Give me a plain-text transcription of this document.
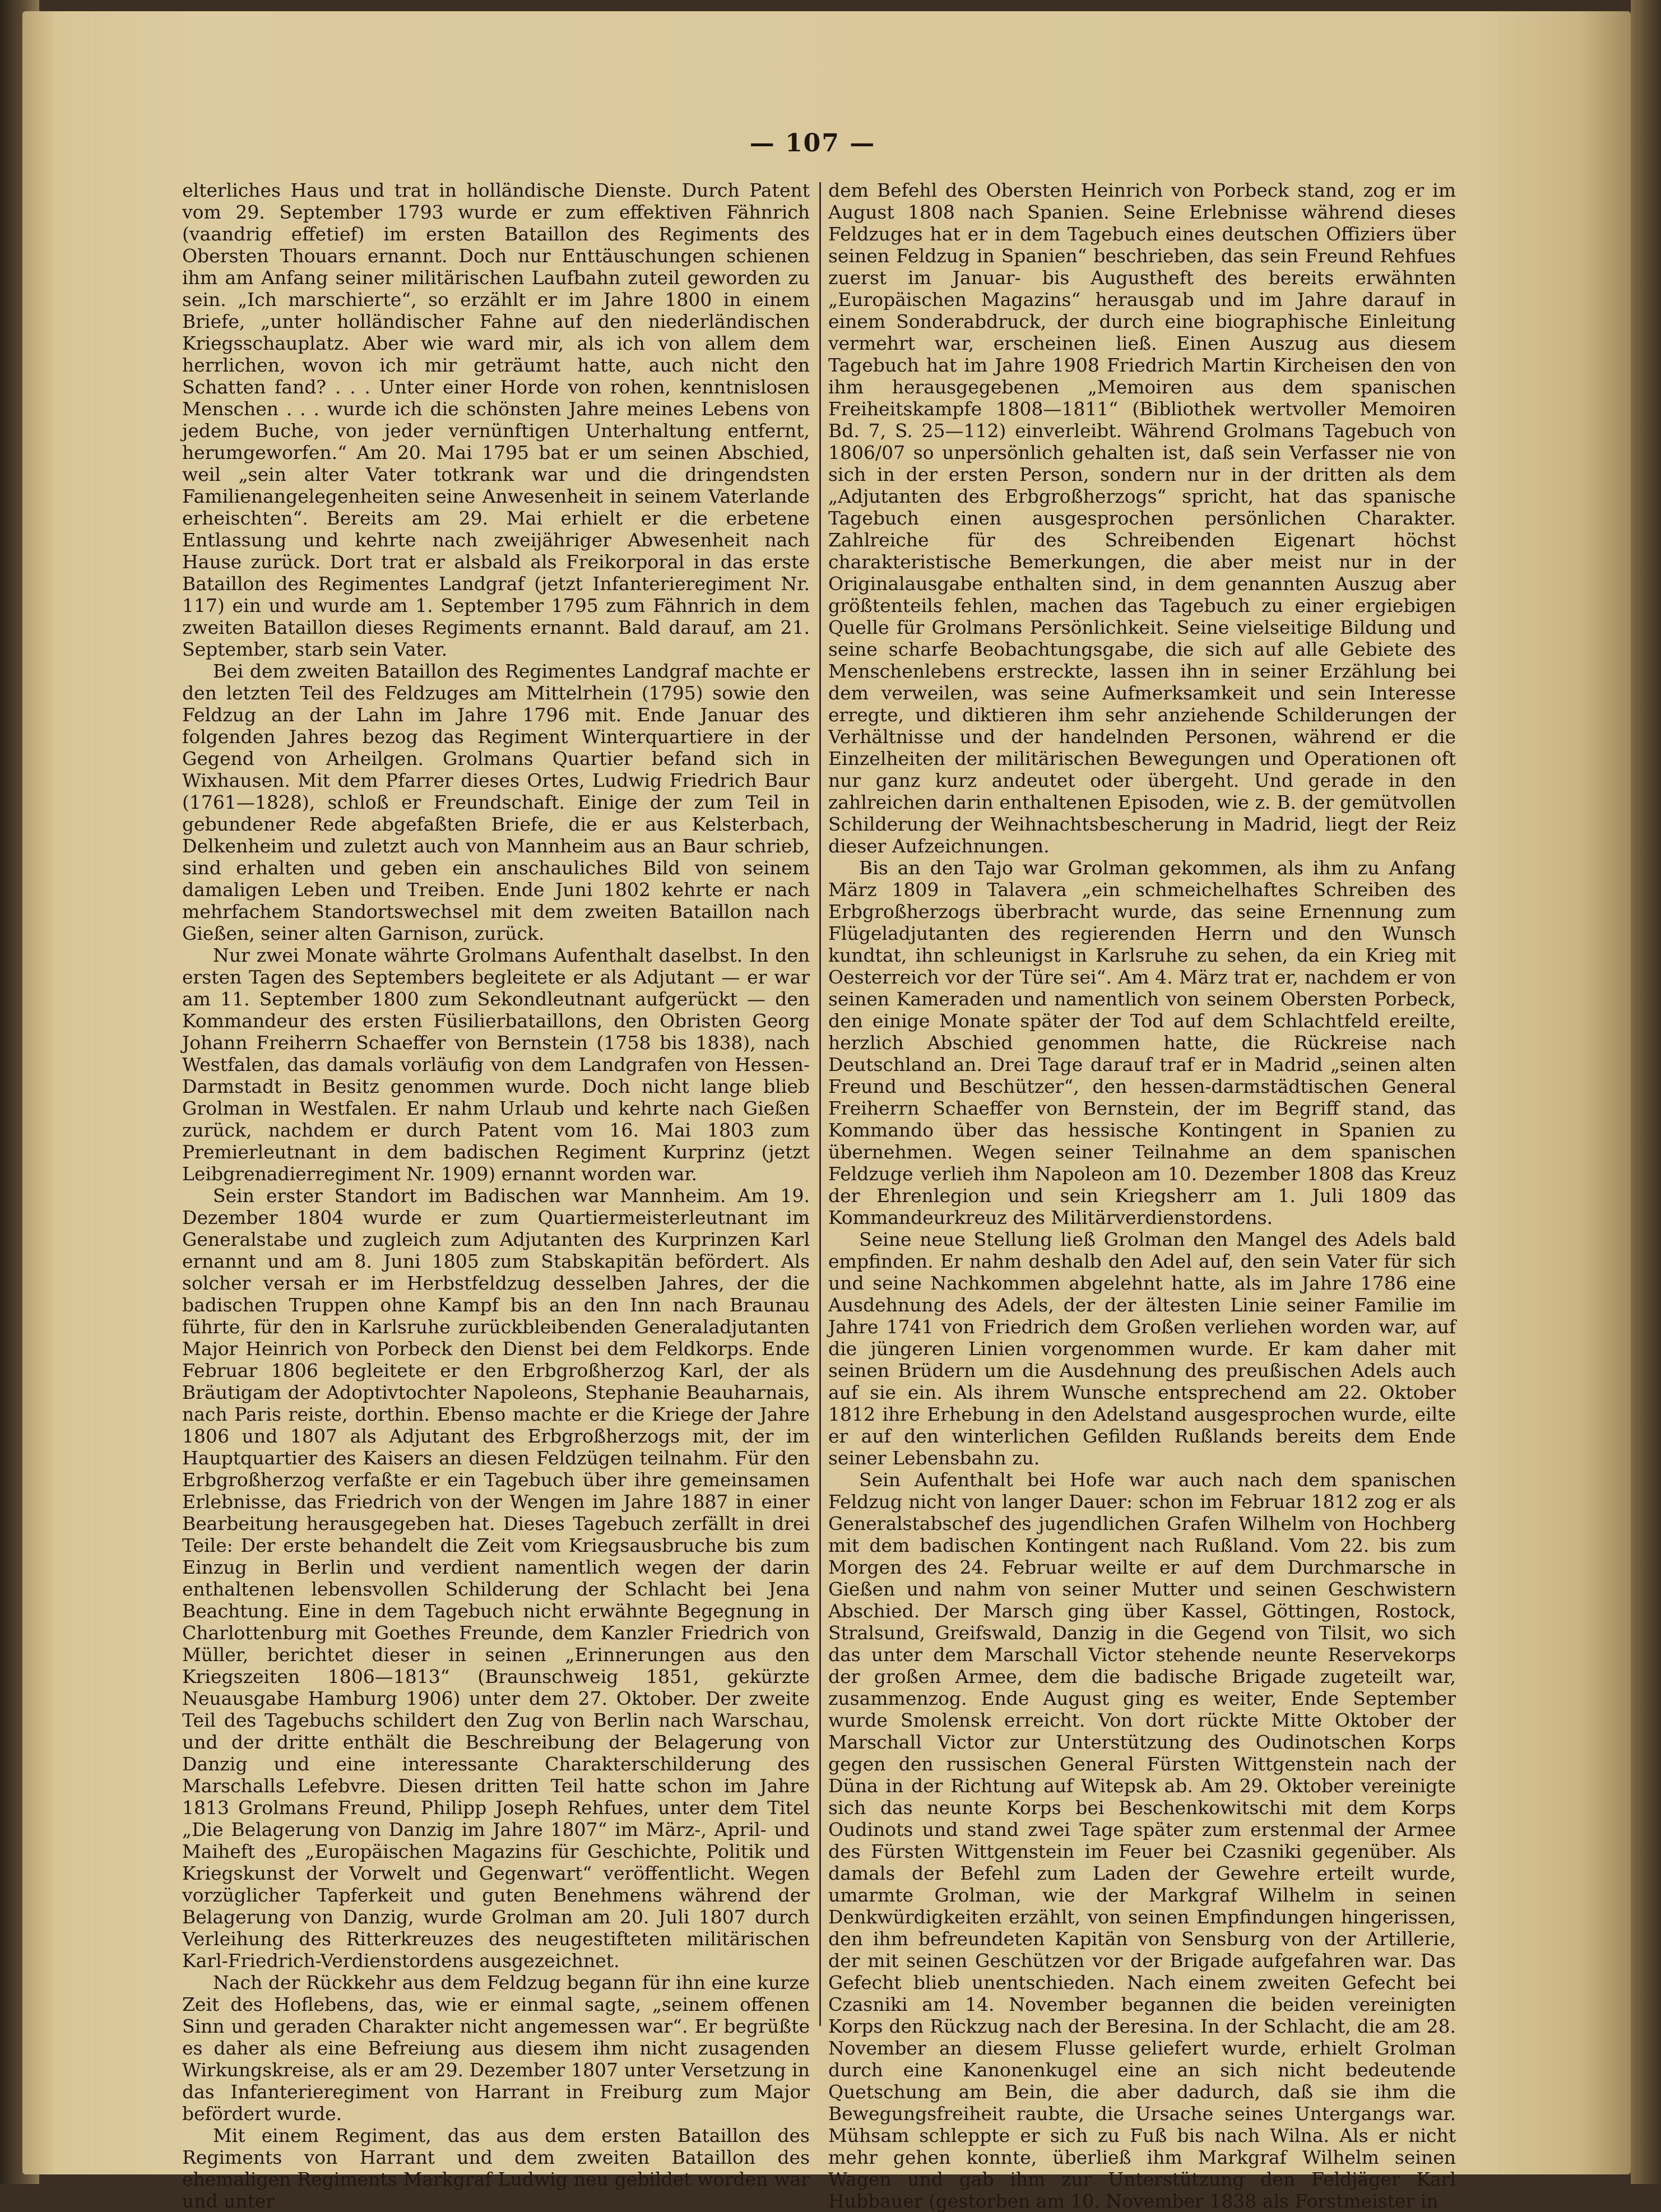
— 107 —

elterliches Haus und trat in holländische Dienste. Durch Patent vom 29. September 1793 wurde er zum effektiven Fähnrich (vaandrig effetief) im ersten Bataillon des Regiments des Obersten Thouars ernannt. Doch nur Enttäuschungen schienen ihm am Anfang seiner militärischen Laufbahn zuteil geworden zu sein. „Ich marschierte“, so erzählt er im Jahre 1800 in einem Briefe, „unter holländischer Fahne auf den niederländischen Kriegsschauplatz. Aber wie ward mir, als ich von allem dem herrlichen, wovon ich mir geträumt hatte, auch nicht den Schatten fand? . . . Unter einer Horde von rohen, kenntnislosen Menschen . . . wurde ich die schönsten Jahre meines Lebens von jedem Buche, von jeder vernünftigen Unterhaltung entfernt, herumgeworfen.“ Am 20. Mai 1795 bat er um seinen Abschied, weil „sein alter Vater totkrank war und die dringendsten Familienangelegenheiten seine Anwesenheit in seinem Vaterlande erheischten“. Bereits am 29. Mai erhielt er die erbetene Entlassung und kehrte nach zweijähriger Abwesenheit nach Hause zurück. Dort trat er alsbald als Freikorporal in das erste Bataillon des Regimentes Landgraf (jetzt Infanterieregiment Nr. 117) ein und wurde am 1. September 1795 zum Fähnrich in dem zweiten Bataillon dieses Regiments ernannt. Bald darauf, am 21. September, starb sein Vater.

Bei dem zweiten Bataillon des Regimentes Landgraf machte er den letzten Teil des Feldzuges am Mittelrhein (1795) sowie den Feldzug an der Lahn im Jahre 1796 mit. Ende Januar des folgenden Jahres bezog das Regiment Winterquartiere in der Gegend von Arheilgen. Grolmans Quartier befand sich in Wixhausen. Mit dem Pfarrer dieses Ortes, Ludwig Friedrich Baur (1761—1828), schloß er Freundschaft. Einige der zum Teil in gebundener Rede abgefaßten Briefe, die er aus Kelsterbach, Delkenheim und zuletzt auch von Mannheim aus an Baur schrieb, sind erhalten und geben ein anschauliches Bild von seinem damaligen Leben und Treiben. Ende Juni 1802 kehrte er nach mehrfachem Standortswechsel mit dem zweiten Bataillon nach Gießen, seiner alten Garnison, zurück.

Nur zwei Monate währte Grolmans Aufenthalt daselbst. In den ersten Tagen des Septembers begleitete er als Adjutant — er war am 11. September 1800 zum Sekondleutnant aufgerückt — den Kommandeur des ersten Füsilierbataillons, den Obristen Georg Johann Freiherrn Schaeffer von Bernstein (1758 bis 1838), nach Westfalen, das damals vorläufig von dem Landgrafen von Hessen-Darmstadt in Besitz genommen wurde. Doch nicht lange blieb Grolman in Westfalen. Er nahm Urlaub und kehrte nach Gießen zurück, nachdem er durch Patent vom 16. Mai 1803 zum Premierleutnant in dem badischen Regiment Kurprinz (jetzt Leibgrenadierregiment Nr. 1909) ernannt worden war.

Sein erster Standort im Badischen war Mannheim. Am 19. Dezember 1804 wurde er zum Quartiermeisterleutnant im Generalstabe und zugleich zum Adjutanten des Kurprinzen Karl ernannt und am 8. Juni 1805 zum Stabskapitän befördert. Als solcher versah er im Herbstfeldzug desselben Jahres, der die badischen Truppen ohne Kampf bis an den Inn nach Braunau führte, für den in Karlsruhe zurückbleibenden Generaladjutanten Major Heinrich von Porbeck den Dienst bei dem Feldkorps. Ende Februar 1806 begleitete er den Erbgroßherzog Karl, der als Bräutigam der Adoptivtochter Napoleons, Stephanie Beauharnais, nach Paris reiste, dorthin. Ebenso machte er die Kriege der Jahre 1806 und 1807 als Adjutant des Erbgroßherzogs mit, der im Hauptquartier des Kaisers an diesen Feldzügen teilnahm. Für den Erbgroßherzog verfaßte er ein Tagebuch über ihre gemeinsamen Erlebnisse, das Friedrich von der Wengen im Jahre 1887 in einer Bearbeitung herausgegeben hat. Dieses Tagebuch zerfällt in drei Teile: Der erste behandelt die Zeit vom Kriegsausbruche bis zum Einzug in Berlin und verdient namentlich wegen der darin enthaltenen lebensvollen Schilderung der Schlacht bei Jena Beachtung. Eine in dem Tagebuch nicht erwähnte Begegnung in Charlottenburg mit Goethes Freunde, dem Kanzler Friedrich von Müller, berichtet dieser in seinen „Erinnerungen aus den Kriegszeiten 1806—1813“ (Braunschweig 1851, gekürzte Neuausgabe Hamburg 1906) unter dem 27. Oktober. Der zweite Teil des Tagebuchs schildert den Zug von Berlin nach Warschau, und der dritte enthält die Beschreibung der Belagerung von Danzig und eine interessante Charakterschilderung des Marschalls Lefebvre. Diesen dritten Teil hatte schon im Jahre 1813 Grolmans Freund, Philipp Joseph Rehfues, unter dem Titel „Die Belagerung von Danzig im Jahre 1807“ im März-, April- und Maiheft des „Europäischen Magazins für Geschichte, Politik und Kriegskunst der Vorwelt und Gegenwart“ veröffentlicht. Wegen vorzüglicher Tapferkeit und guten Benehmens während der Belagerung von Danzig, wurde Grolman am 20. Juli 1807 durch Verleihung des Ritterkreuzes des neugestifteten militärischen Karl-Friedrich-Verdienstordens ausgezeichnet.

Nach der Rückkehr aus dem Feldzug begann für ihn eine kurze Zeit des Hoflebens, das, wie er einmal sagte, „seinem offenen Sinn und geraden Charakter nicht angemessen war“. Er begrüßte es daher als eine Befreiung aus diesem ihm nicht zusagenden Wirkungskreise, als er am 29. Dezember 1807 unter Versetzung in das Infanterieregiment von Harrant in Freiburg zum Major befördert wurde.

Mit einem Regiment, das aus dem ersten Bataillon des Regiments von Harrant und dem zweiten Bataillon des ehemaligen Regiments Markgraf Ludwig neu gebildet worden war und unter

dem Befehl des Obersten Heinrich von Porbeck stand, zog er im August 1808 nach Spanien. Seine Erlebnisse während dieses Feldzuges hat er in dem Tagebuch eines deutschen Offiziers über seinen Feldzug in Spanien“ beschrieben, das sein Freund Rehfues zuerst im Januar- bis Augustheft des bereits erwähnten „Europäischen Magazins“ herausgab und im Jahre darauf in einem Sonderabdruck, der durch eine biographische Einleitung vermehrt war, erscheinen ließ. Einen Auszug aus diesem Tagebuch hat im Jahre 1908 Friedrich Martin Kircheisen den von ihm herausgegebenen „Memoiren aus dem spanischen Freiheitskampfe 1808—1811“ (Bibliothek wertvoller Memoiren Bd. 7, S. 25—112) einverleibt. Während Grolmans Tagebuch von 1806/07 so unpersönlich gehalten ist, daß sein Verfasser nie von sich in der ersten Person, sondern nur in der dritten als dem „Adjutanten des Erbgroßherzogs“ spricht, hat das spanische Tagebuch einen ausgesprochen persönlichen Charakter. Zahlreiche für des Schreibenden Eigenart höchst charakteristische Bemerkungen, die aber meist nur in der Originalausgabe enthalten sind, in dem genannten Auszug aber größtenteils fehlen, machen das Tagebuch zu einer ergiebigen Quelle für Grolmans Persönlichkeit. Seine vielseitige Bildung und seine scharfe Beobachtungsgabe, die sich auf alle Gebiete des Menschenlebens erstreckte, lassen ihn in seiner Erzählung bei dem verweilen, was seine Aufmerksamkeit und sein Interesse erregte, und diktieren ihm sehr anziehende Schilderungen der Verhältnisse und der handelnden Personen, während er die Einzelheiten der militärischen Bewegungen und Operationen oft nur ganz kurz andeutet oder übergeht. Und gerade in den zahlreichen darin enthaltenen Episoden, wie z. B. der gemütvollen Schilderung der Weihnachtsbescherung in Madrid, liegt der Reiz dieser Aufzeichnungen.

Bis an den Tajo war Grolman gekommen, als ihm zu Anfang März 1809 in Talavera „ein schmeichelhaftes Schreiben des Erbgroßherzogs überbracht wurde, das seine Ernennung zum Flügeladjutanten des regierenden Herrn und den Wunsch kundtat, ihn schleunigst in Karlsruhe zu sehen, da ein Krieg mit Oesterreich vor der Türe sei“. Am 4. März trat er, nachdem er von seinen Kameraden und namentlich von seinem Obersten Porbeck, den einige Monate später der Tod auf dem Schlachtfeld ereilte, herzlich Abschied genommen hatte, die Rückreise nach Deutschland an. Drei Tage darauf traf er in Madrid „seinen alten Freund und Beschützer“, den hessen-darmstädtischen General Freiherrn Schaeffer von Bernstein, der im Begriff stand, das Kommando über das hessische Kontingent in Spanien zu übernehmen. Wegen seiner Teilnahme an dem spanischen Feldzuge verlieh ihm Napoleon am 10. Dezember 1808 das Kreuz der Ehrenlegion und sein Kriegsherr am 1. Juli 1809 das Kommandeurkreuz des Militärverdienstordens.

Seine neue Stellung ließ Grolman den Mangel des Adels bald empfinden. Er nahm deshalb den Adel auf, den sein Vater für sich und seine Nachkommen abgelehnt hatte, als im Jahre 1786 eine Ausdehnung des Adels, der der ältesten Linie seiner Familie im Jahre 1741 von Friedrich dem Großen verliehen worden war, auf die jüngeren Linien vorgenommen wurde. Er kam daher mit seinen Brüdern um die Ausdehnung des preußischen Adels auch auf sie ein. Als ihrem Wunsche entsprechend am 22. Oktober 1812 ihre Erhebung in den Adelstand ausgesprochen wurde, eilte er auf den winterlichen Gefilden Rußlands bereits dem Ende seiner Lebensbahn zu.

Sein Aufenthalt bei Hofe war auch nach dem spanischen Feldzug nicht von langer Dauer: schon im Februar 1812 zog er als Generalstabschef des jugendlichen Grafen Wilhelm von Hochberg mit dem badischen Kontingent nach Rußland. Vom 22. bis zum Morgen des 24. Februar weilte er auf dem Durchmarsche in Gießen und nahm von seiner Mutter und seinen Geschwistern Abschied. Der Marsch ging über Kassel, Göttingen, Rostock, Stralsund, Greifswald, Danzig in die Gegend von Tilsit, wo sich das unter dem Marschall Victor stehende neunte Reservekorps der großen Armee, dem die badische Brigade zugeteilt war, zusammenzog. Ende August ging es weiter, Ende September wurde Smolensk erreicht. Von dort rückte Mitte Oktober der Marschall Victor zur Unterstützung des Oudinotschen Korps gegen den russischen General Fürsten Wittgenstein nach der Düna in der Richtung auf Witepsk ab. Am 29. Oktober vereinigte sich das neunte Korps bei Beschenkowitschi mit dem Korps Oudinots und stand zwei Tage später zum erstenmal der Armee des Fürsten Wittgenstein im Feuer bei Czasniki gegenüber. Als damals der Befehl zum Laden der Gewehre erteilt wurde, umarmte Grolman, wie der Markgraf Wilhelm in seinen Denkwürdigkeiten erzählt, von seinen Empfindungen hingerissen, den ihm befreundeten Kapitän von Sensburg von der Artillerie, der mit seinen Geschützen vor der Brigade aufgefahren war. Das Gefecht blieb unentschieden. Nach einem zweiten Gefecht bei Czasniki am 14. November begannen die beiden vereinigten Korps den Rückzug nach der Beresina. In der Schlacht, die am 28. November an diesem Flusse geliefert wurde, erhielt Grolman durch eine Kanonenkugel eine an sich nicht bedeutende Quetschung am Bein, die aber dadurch, daß sie ihm die Bewegungsfreiheit raubte, die Ursache seines Untergangs war. Mühsam schleppte er sich zu Fuß bis nach Wilna. Als er nicht mehr gehen konnte, überließ ihm Markgraf Wilhelm seinen Wagen und gab ihm zur Unterstützung den Feldjäger Karl Hubbauer (gestorben am 10. November 1838 als Forstmeister in
